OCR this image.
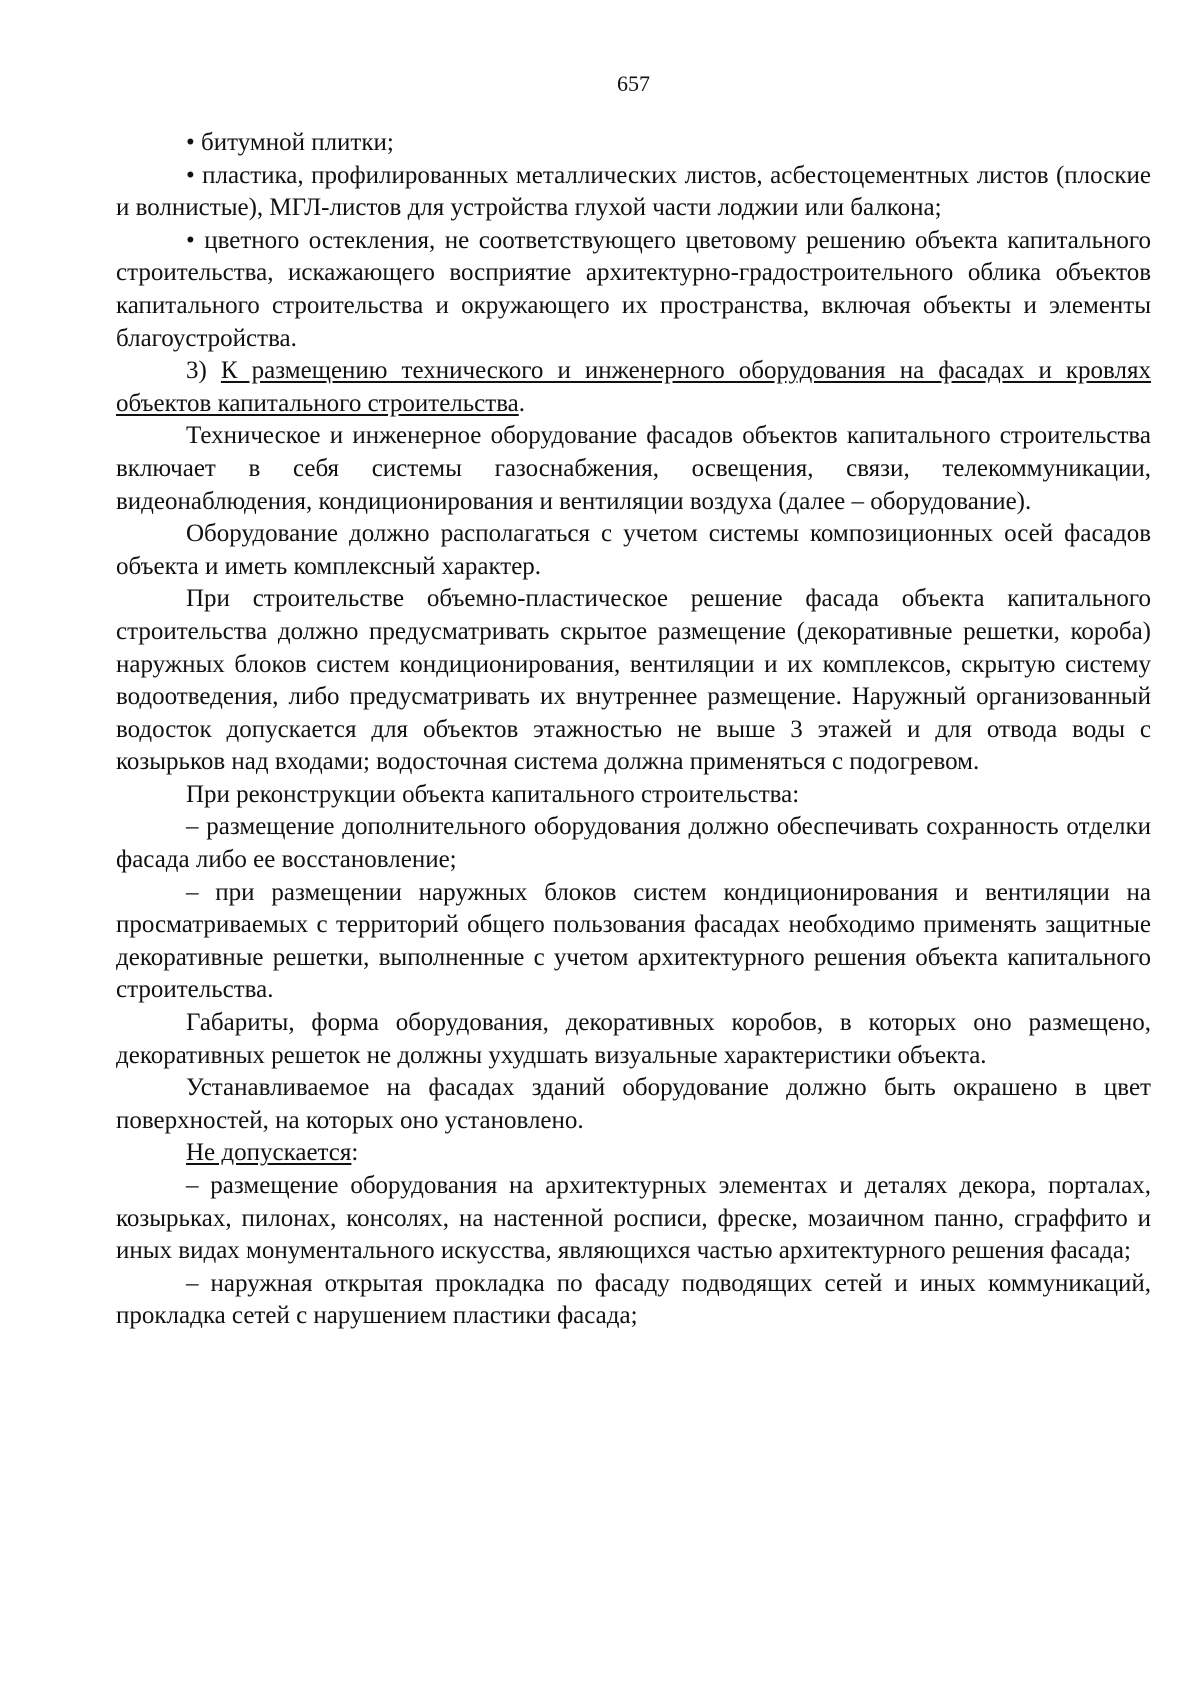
657

• битумной плитки;

• пластика, профилированных металлических листов, асбестоцементных листов (плоские и волнистые), МГЛ-листов для устройства глухой части лоджии или балкона;

• цветного остекления, не соответствующего цветовому решению объекта капитального строительства, искажающего восприятие архитектурно-градостроительного облика объектов капитального строительства и окружающего их пространства, включая объекты и элементы благоустройства.

3) К размещению технического и инженерного оборудования на фасадах и кровлях объектов капитального строительства.

Техническое и инженерное оборудование фасадов объектов капитального строительства включает в себя системы газоснабжения, освещения, связи, телекоммуникации, видеонаблюдения, кондиционирования и вентиляции воздуха (далее – оборудование).

Оборудование должно располагаться с учетом системы композиционных осей фасадов объекта и иметь комплексный характер.

При строительстве объемно-пластическое решение фасада объекта капитального строительства должно предусматривать скрытое размещение (декоративные решетки, короба) наружных блоков систем кондиционирования, вентиляции и их комплексов, скрытую систему водоотведения, либо предусматривать их внутреннее размещение. Наружный организованный водосток допускается для объектов этажностью не выше 3 этажей и для отвода воды с козырьков над входами; водосточная система должна применяться с подогревом.

При реконструкции объекта капитального строительства:

– размещение дополнительного оборудования должно обеспечивать сохранность отделки фасада либо ее восстановление;

– при размещении наружных блоков систем кондиционирования и вентиляции на просматриваемых с территорий общего пользования фасадах необходимо применять защитные декоративные решетки, выполненные с учетом архитектурного решения объекта капитального строительства.

Габариты, форма оборудования, декоративных коробов, в которых оно размещено, декоративных решеток не должны ухудшать визуальные характеристики объекта.

Устанавливаемое на фасадах зданий оборудование должно быть окрашено в цвет поверхностей, на которых оно установлено.

Не допускается:

– размещение оборудования на архитектурных элементах и деталях декора, порталах, козырьках, пилонах, консолях, на настенной росписи, фреске, мозаичном панно, сграффито и иных видах монументального искусства, являющихся частью архитектурного решения фасада;

– наружная открытая прокладка по фасаду подводящих сетей и иных коммуникаций, прокладка сетей с нарушением пластики фасада;
